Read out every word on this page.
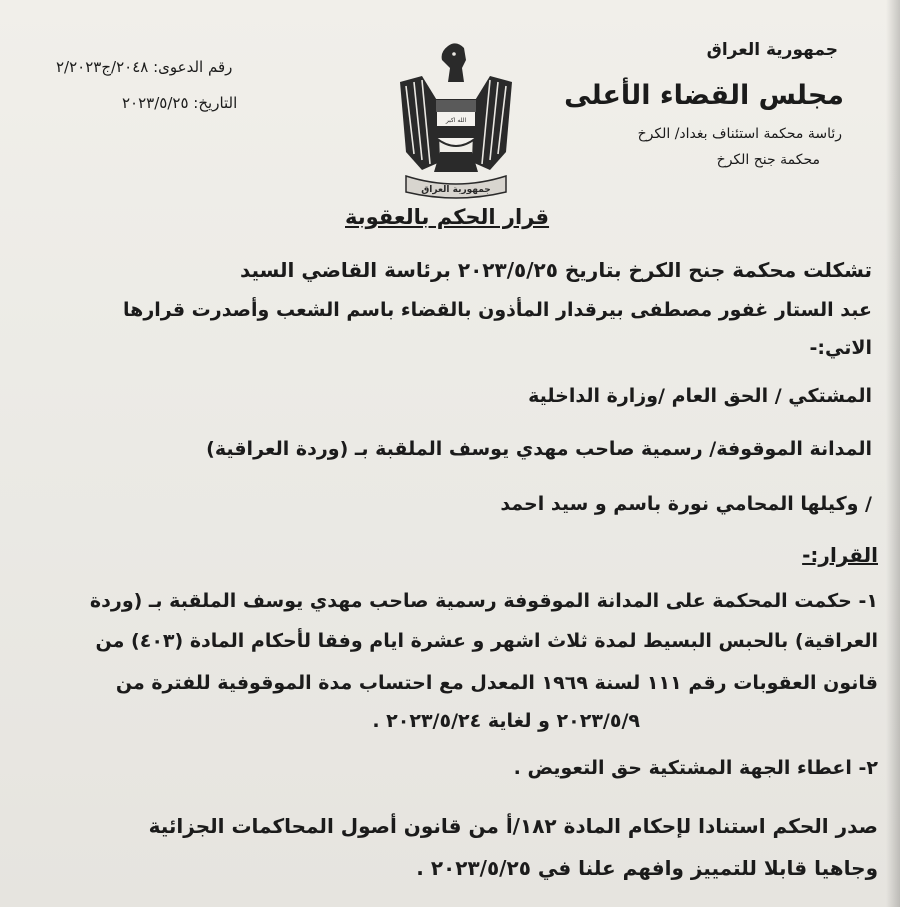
جمهورية العراق
مجلس القضاء الأعلى
رئاسة محكمة استئناف بغداد/ الكرخ
محكمة جنح الكرخ
رقم الدعوى: ٢٠٤٨/ج٢/٢٠٢٣
التاريخ: ٢٠٢٣/٥/٢٥
الله اكبر
جمهورية العراق
قرار الحكم بالعقوبة
تشكلت محكمة جنح الكرخ بتاريخ ٢٠٢٣/٥/٢٥ برئاسة القاضي السيد
عبد الستار غفور مصطفى بيرقدار المأذون بالقضاء باسم الشعب وأصدرت قرارها
الاتي:-
المشتكي / الحق العام /وزارة الداخلية
المدانة الموقوفة/ رسمية صاحب مهدي يوسف الملقبة بـ (وردة العراقية)
/ وكيلها المحامي نورة باسم و سيد احمد
القرار:-
١- حكمت المحكمة على المدانة الموقوفة رسمية صاحب مهدي يوسف الملقبة بـ (وردة
العراقية) بالحبس البسيط لمدة ثلاث اشهر و عشرة ايام وفقا لأحكام المادة (٤٠٣) من
قانون العقوبات رقم ١١١ لسنة ١٩٦٩ المعدل مع احتساب مدة الموقوفية للفترة من
٢٠٢٣/٥/٩ و لغاية ٢٠٢٣/٥/٢٤ .
٢- اعطاء الجهة المشتكية حق التعويض .
صدر الحكم استنادا لإحكام المادة ١٨٢/أ من قانون أصول المحاكمات الجزائية
وجاهيا قابلا للتمييز وافهم علنا في ٢٠٢٣/٥/٢٥ .
